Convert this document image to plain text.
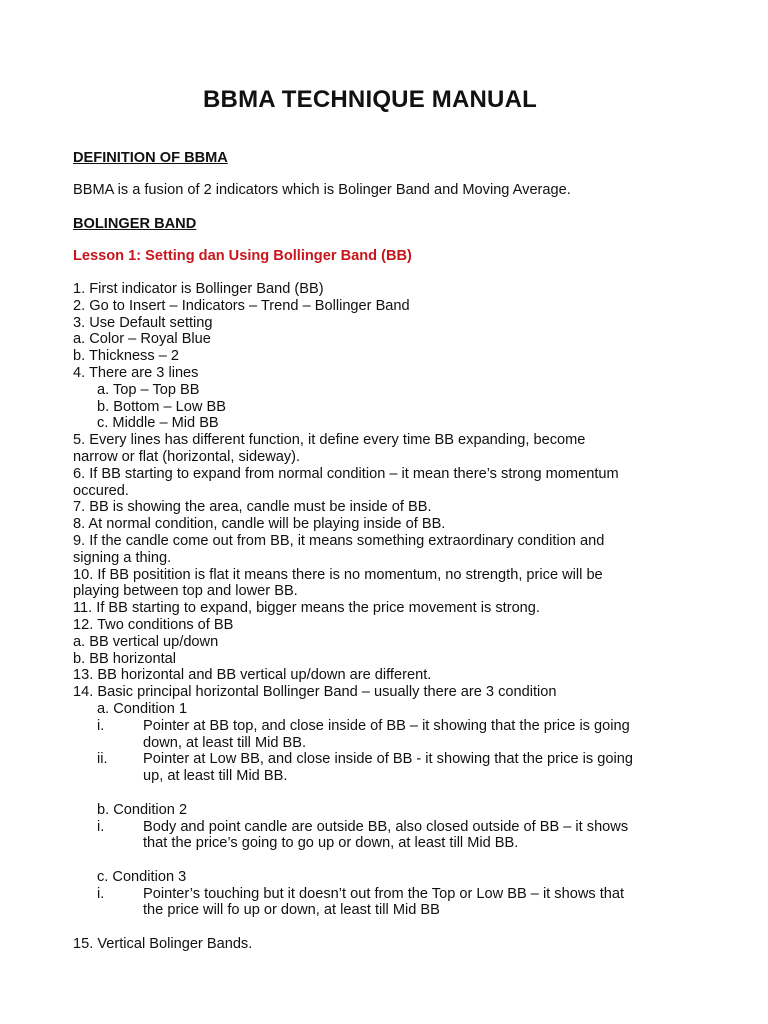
BBMA TECHNIQUE MANUAL
DEFINITION OF BBMA
BBMA is a fusion of 2 indicators which is Bolinger Band and Moving Average.
BOLINGER BAND
Lesson 1: Setting dan Using Bollinger Band (BB)
1. First indicator is Bollinger Band (BB)
2. Go to Insert – Indicators – Trend – Bollinger Band
3. Use Default setting
a. Color – Royal Blue
b. Thickness – 2
4. There are 3 lines
a. Top – Top BB
b. Bottom – Low BB
c. Middle – Mid BB
5. Every lines has different function, it define every time BB expanding, become
narrow or flat (horizontal, sideway).
6. If BB starting to expand from normal condition – it mean there’s strong momentum
occured.
7. BB is showing the area, candle must be inside of BB.
8. At normal condition, candle will be playing inside of BB.
9. If the candle come out from BB, it means something extraordinary condition and
signing a thing.
10. If BB positition is flat it means there is no momentum, no strength, price will be
playing between top and lower BB.
11. If BB starting to expand, bigger means the price movement is strong.
12. Two conditions of BB
a. BB vertical up/down
b. BB horizontal
13. BB horizontal and BB vertical up/down are different.
14. Basic principal horizontal Bollinger Band – usually there are 3 condition
a. Condition 1
i.	Pointer at BB top, and close inside of BB – it showing that the price is going
down, at least till Mid BB.
ii.	Pointer at Low BB, and close inside of BB - it showing that the price is going
up, at least till Mid BB.
b. Condition 2
i.	Body and point candle are outside BB, also closed outside of BB – it shows
that the price’s going to go up or down, at least till Mid BB.
c. Condition 3
i.	Pointer’s touching but it doesn’t out from the Top or Low BB – it shows that
the price will fo up or down, at least till Mid BB
15. Vertical Bolinger Bands.
